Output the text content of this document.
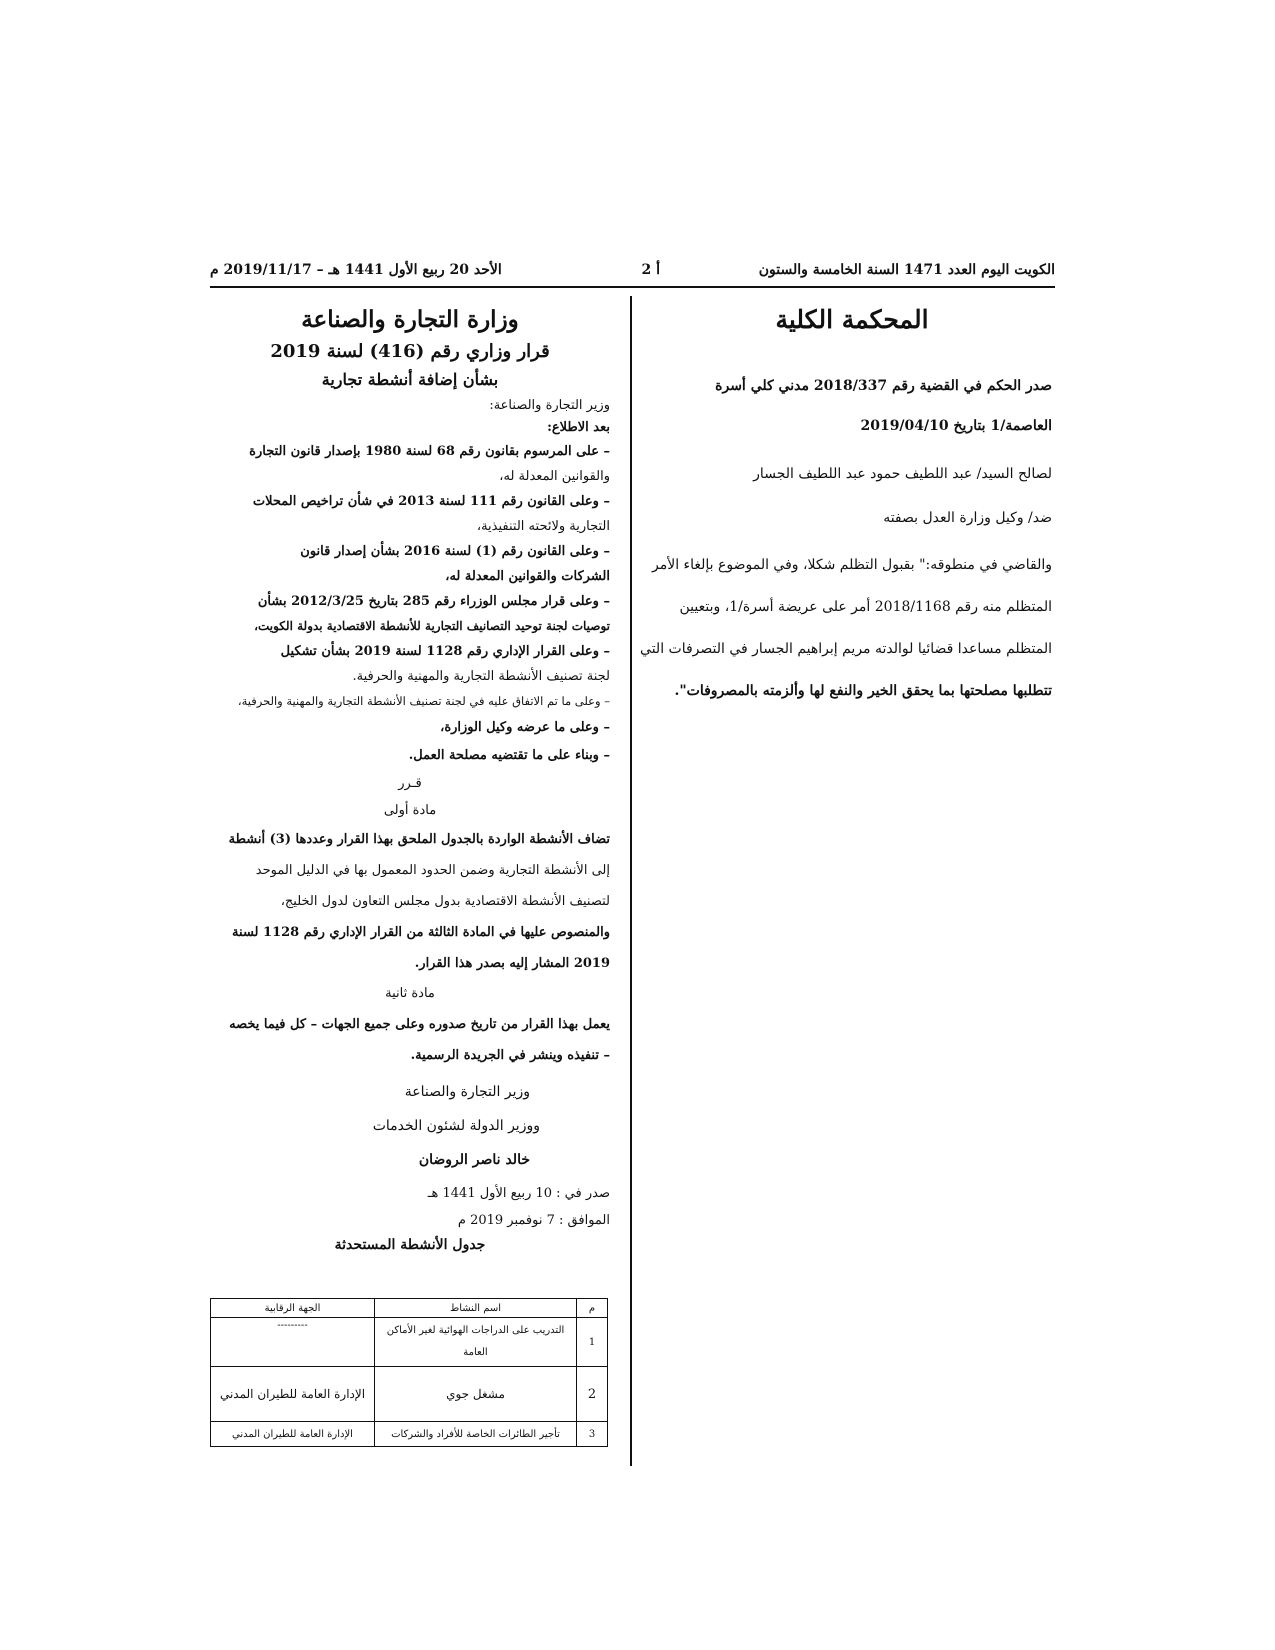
الكويت اليوم العدد 1471 السنة الخامسة والستون
أ 2
الأحد 20 ربيع الأول 1441 هـ – 2019/11/17 م
المحكمة الكلية

صدر الحكم في القضية رقم 2018/337 مدني كلي أسرة

العاصمة/1 بتاريخ 2019/04/10

لصالح السيد/ عبد اللطيف حمود عبد اللطيف الجسار

ضد/ وكيل وزارة العدل بصفته

والقاضي في منطوقه:" بقبول التظلم شكلا، وفي الموضوع بإلغاء الأمر

المتظلم منه رقم 2018/1168 أمر على عريضة أسرة/1، وبتعيين

المتظلم مساعدا قضائيا لوالدته مريم إبراهيم الجسار في التصرفات التي

تتطلبها مصلحتها بما يحقق الخير والنفع لها وألزمته بالمصروفات".

وزارة التجارة والصناعة
قرار وزاري رقم (416) لسنة 2019
بشأن إضافة أنشطة تجارية

وزير التجارة والصناعة:

بعد الاطلاع:

– على المرسوم بقانون رقم 68 لسنة 1980 بإصدار قانون التجارة

والقوانين المعدلة له،

– وعلى القانون رقم 111 لسنة 2013 في شأن تراخيص المحلات

التجارية ولائحته التنفيذية،

– وعلى القانون رقم (1) لسنة 2016 بشأن إصدار قانون

الشركات والقوانين المعدلة له،

– وعلى قرار مجلس الوزراء رقم 285 بتاريخ 2012/3/25 بشأن

توصيات لجنة توحيد التصانيف التجارية للأنشطة الاقتصادية بدولة الكويت،

– وعلى القرار الإداري رقم 1128 لسنة 2019 بشأن تشكيل

لجنة تصنيف الأنشطة التجارية والمهنية والحرفية.

– وعلى ما تم الاتفاق عليه في لجنة تصنيف الأنشطة التجارية والمهنية والحرفية،

– وعلى ما عرضه وكيل الوزارة،

– وبناء على ما تقتضيه مصلحة العمل.

قـرر

مادة أولى

تضاف الأنشطة الواردة بالجدول الملحق بهذا القرار وعددها (3) أنشطة

إلى الأنشطة التجارية وضمن الحدود المعمول بها في الدليل الموحد

لتصنيف الأنشطة الاقتصادية بدول مجلس التعاون لدول الخليج،

والمنصوص عليها في المادة الثالثة من القرار الإداري رقم 1128 لسنة

2019 المشار إليه بصدر هذا القرار.

مادة ثانية

يعمل بهذا القرار من تاريخ صدوره وعلى جميع الجهات – كل فيما يخصه

– تنفيذه وينشر في الجريدة الرسمية.

وزير التجارة والصناعة

ووزير الدولة لشئون الخدمات

خالد ناصر الروضان

صدر في : 10 ربيع الأول 1441 هـ

الموافق : 7 نوفمبر 2019 م

جدول الأنشطة المستحدثة
م	اسم النشاط	الجهة الرقابية
1	التدريب على الدراجات الهوائية لغير الأماكن العامة	---------
2	مشغل جوي	الإدارة العامة للطيران المدني
3	تأجير الطائرات الخاصة للأفراد والشركات	الإدارة العامة للطيران المدني
